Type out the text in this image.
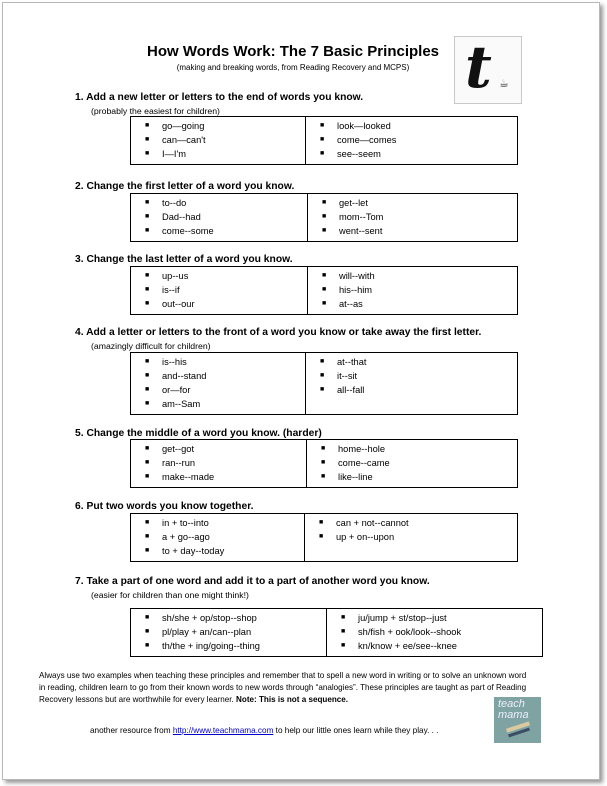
How Words Work: The 7 Basic Principles
(making and breaking words, from Reading Recovery and MCPS) t ☕
1. Add a new letter or letters to the end of words you know.
(probably the easiest for children)
■ go—going
■ can—can't
■ I—I'm
■ look—looked
■ come—comes
■ see--seem
2. Change the first letter of a word you know.
■ to--do
■ Dad--had
■ come--some
■ get--let
■ mom--Tom
■ went--sent
3. Change the last letter of a word you know.
■ up--us
■ is--if
■ out--our
■ will--with
■ his--him
■ at--as
4. Add a letter or letters to the front of a word you know or take away the first letter.
(amazingly difficult for children)
■ is--his
■ and--stand
■ or—for
■ am--Sam
■ at--that
■ it--sit
■ all--fall
5. Change the middle of a word you know. (harder)
■ get--got
■ ran--run
■ make--made
■ home--hole
■ come--came
■ like--line
6. Put two words you know together.
■ in + to--into
■ a + go--ago
■ to + day--today
■ can + not--cannot
■ up + on--upon
7. Take a part of one word and add it to a part of another word you know.
(easier for children than one might think!)
■ sh/she + op/stop--shop
■ pl/play + an/can--plan
■ th/the + ing/going--thing
■ ju/jump + st/stop--just
■ sh/fish + ook/look--shook
■ kn/know + ee/see--knee
Always use two examples when teaching these principles and remember that to spell a new word in writing or to solve an unknown word in reading, children learn to go from their known words to new words through “analogies”. These principles are taught as part of Reading Recovery lessons but are worthwhile for every learner. Note: This is not a sequence.
another resource from http://www.teachmama.com to help our little ones learn while they play. . .
teach mama
